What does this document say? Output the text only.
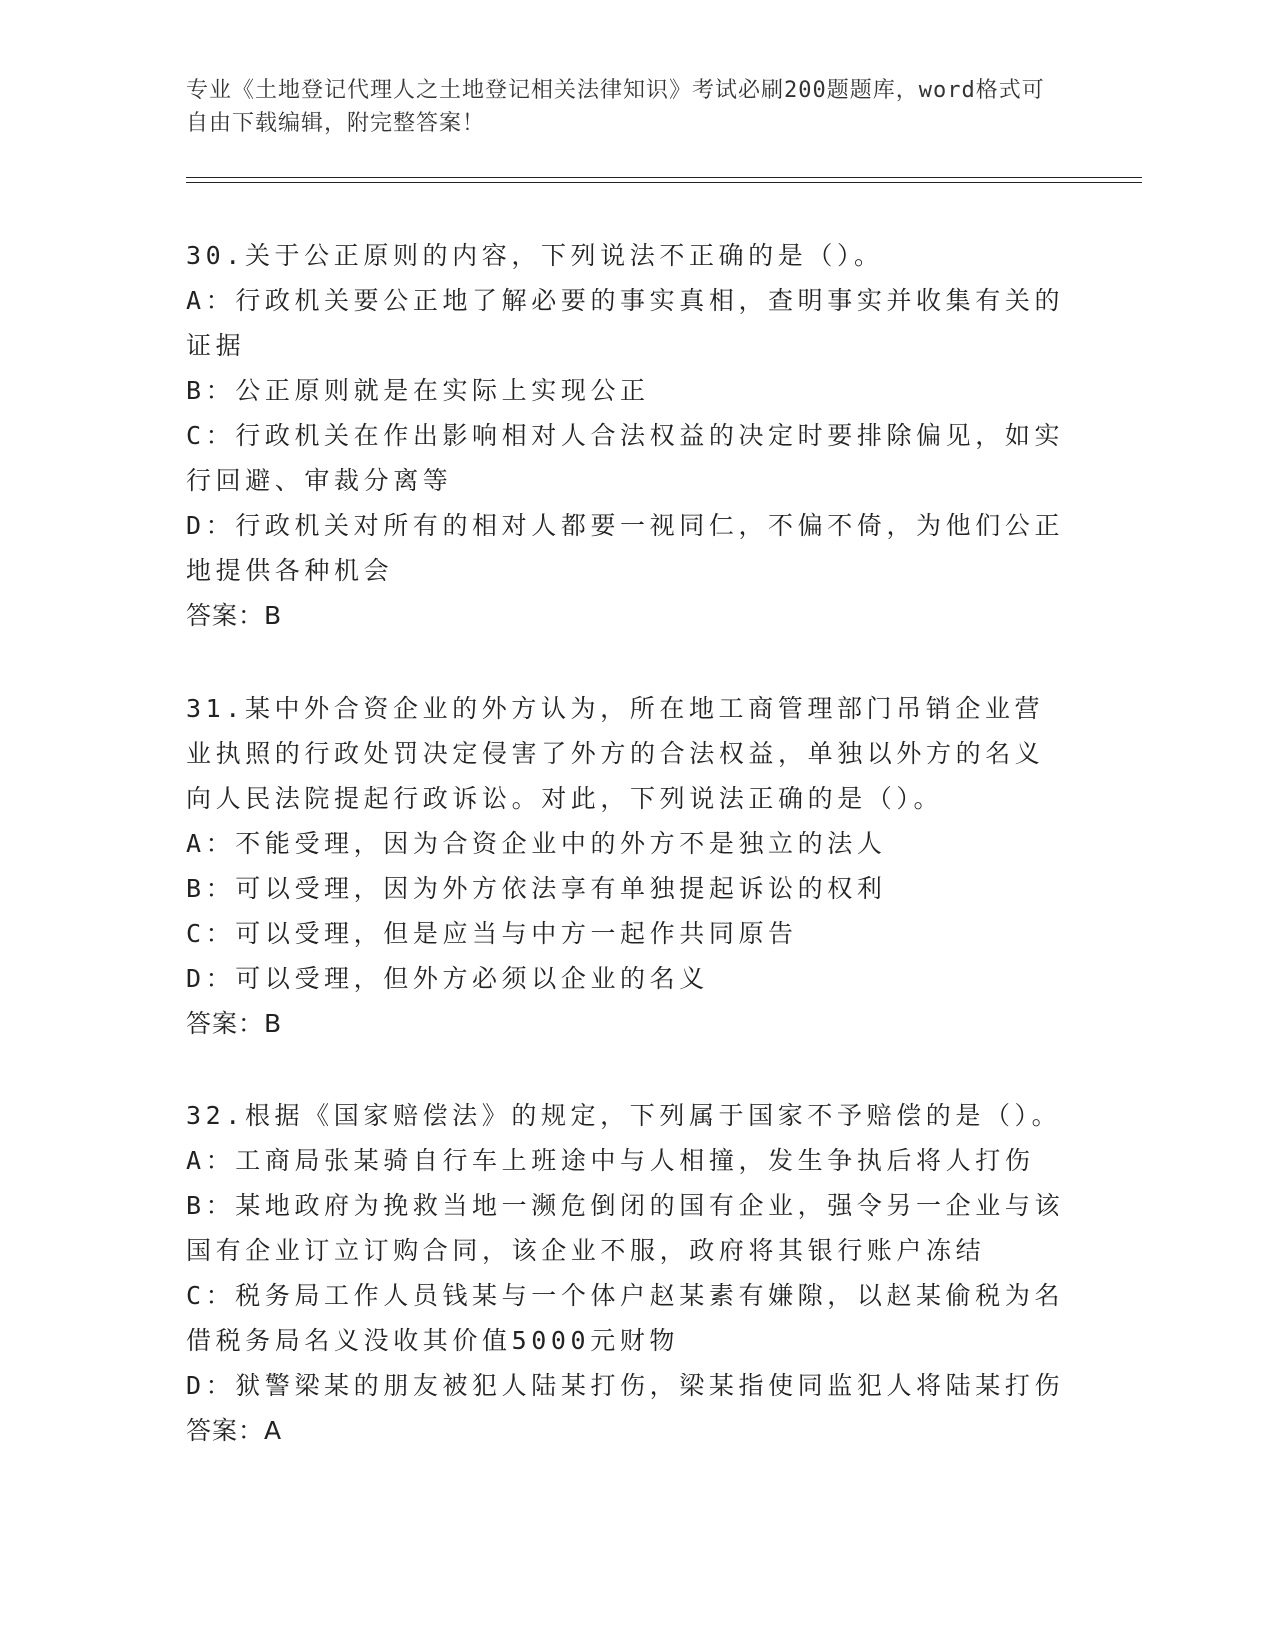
专业《土地登记代理人之土地登记相关法律知识》考试必刷200题题库，word格式可自由下载编辑，附完整答案！
30.关于公正原则的内容，下列说法不正确的是（）。
A：行政机关要公正地了解必要的事实真相，查明事实并收集有关的证据
B：公正原则就是在实际上实现公正
C：行政机关在作出影响相对人合法权益的决定时要排除偏见，如实行回避、审裁分离等
D：行政机关对所有的相对人都要一视同仁，不偏不倚，为他们公正地提供各种机会
答案：B
31.某中外合资企业的外方认为，所在地工商管理部门吊销企业营业执照的行政处罚决定侵害了外方的合法权益，单独以外方的名义向人民法院提起行政诉讼。对此，下列说法正确的是（）。
A：不能受理，因为合资企业中的外方不是独立的法人
B：可以受理，因为外方依法享有单独提起诉讼的权利
C：可以受理，但是应当与中方一起作共同原告
D：可以受理，但外方必须以企业的名义
答案：B
32.根据《国家赔偿法》的规定，下列属于国家不予赔偿的是（）。
A：工商局张某骑自行车上班途中与人相撞，发生争执后将人打伤
B：某地政府为挽救当地一濒危倒闭的国有企业，强令另一企业与该国有企业订立订购合同，该企业不服，政府将其银行账户冻结
C：税务局工作人员钱某与一个体户赵某素有嫌隙，以赵某偷税为名借税务局名义没收其价值5000元财物
D：狱警梁某的朋友被犯人陆某打伤，梁某指使同监犯人将陆某打伤
答案：A
